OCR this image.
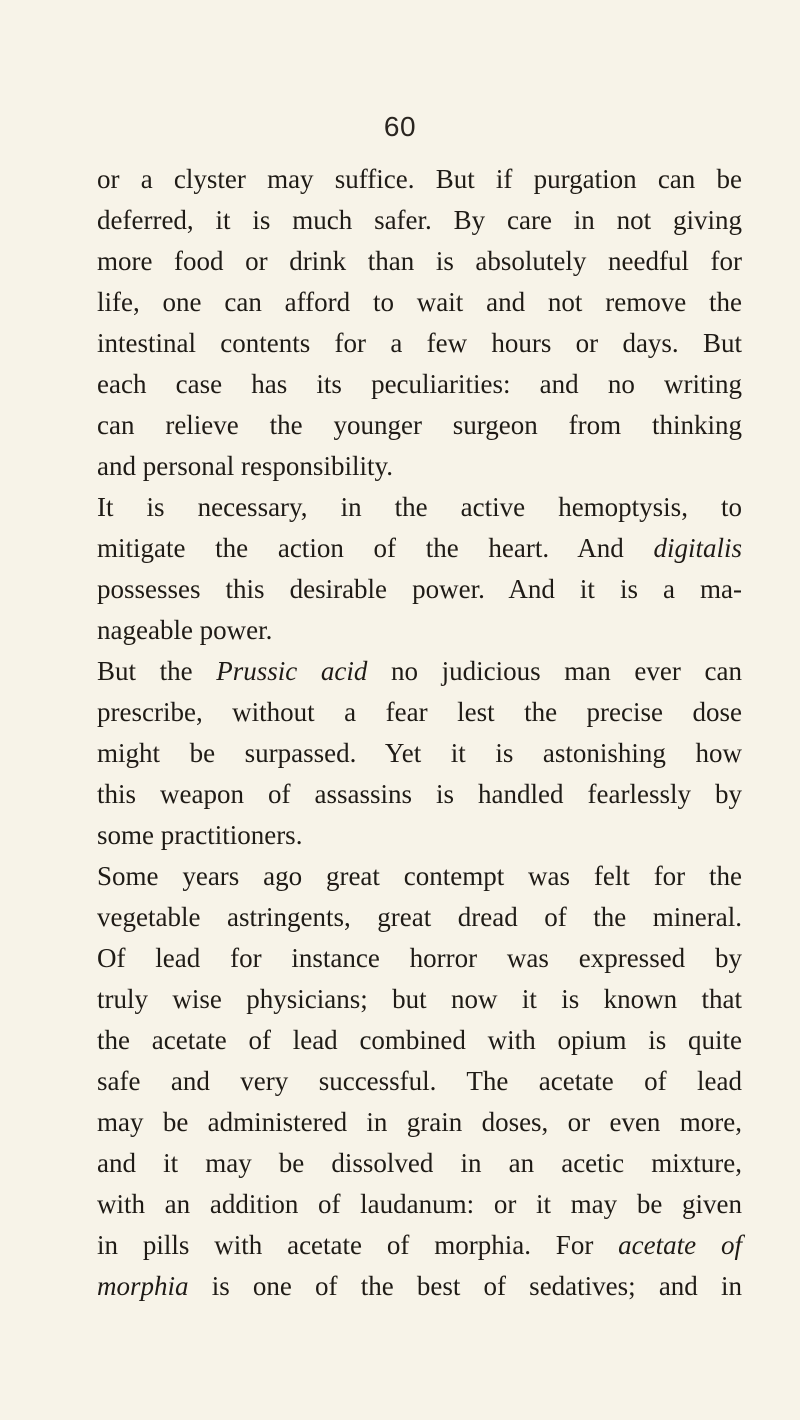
60
or a clyster may suffice. But if purgation can be
deferred, it is much safer. By care in not giving
more food or drink than is absolutely needful for
life, one can afford to wait and not remove the
intestinal contents for a few hours or days. But
each case has its peculiarities: and no writing
can relieve the younger surgeon from thinking
and personal responsibility.
It is necessary, in the active hemoptysis, to
mitigate the action of the heart. And digitalis
possesses this desirable power. And it is a ma-
nageable power.
But the Prussic acid no judicious man ever can
prescribe, without a fear lest the precise dose
might be surpassed. Yet it is astonishing how
this weapon of assassins is handled fearlessly by
some practitioners.
Some years ago great contempt was felt for the
vegetable astringents, great dread of the mineral.
Of lead for instance horror was expressed by
truly wise physicians; but now it is known that
the acetate of lead combined with opium is quite
safe and very successful. The acetate of lead
may be administered in grain doses, or even more,
and it may be dissolved in an acetic mixture,
with an addition of laudanum: or it may be given
in pills with acetate of morphia. For acetate of
morphia is one of the best of sedatives; and in
